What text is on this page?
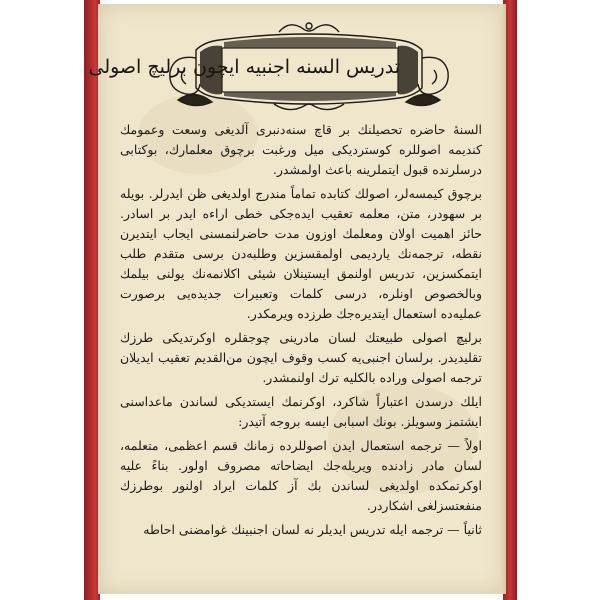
تدريس السنه اجنبيه ايچون برليچ اصولی

السنهٔ حاضره تحصیلنك بر قاچ سنه‌دنبری آلدیغی وسعت وعمومك كندیمه اصوللره كوستردیكی میل ورغبت برچوق معلمارك، بوكتابی درسلرنده قبول ایتملرینه باعث اولمشدر.

برچوق كیمسه‌لر، اصولك كتابده تماماً مندرج اولدیغی ظن ایدرلر. بویله بر سهودر، متن، معلمه تعقیب ایده‌جكی خطی اراءه ایدر بر اسادر. حائز اهمیت اولان ومعلمك اوزون مدت حاضرلنمسنی ایجاب ایتدیرن نقطه، ترجمه‌نك یاردیمی اولمقسزین وطلبه‌دن برسی متقدم طلب ایتمكسزین، تدریس اولنمق ایستینلان شیئی اكلانمه‌نك یولنی بیلمك وبالخصوص اونلره، درسی كلمات وتعبیرات جدیده‌یی برصورت عملیه‌ده استعمال ایتدیره‌جك طرزده ویرمكدر.

برلیچ اصولی طبیعتك لسان مادرینی چوجقلره اوكرتدیكی طرزك تقلیدیدر. برلسان اجنبی‌یه كسب وقوف ایچون من‌القدیم تعقیب ایدیلان ترجمه اصولی وراده بالكلیه ترك اولنمشدر.

ایلك درسدن اعتباراً شاكرد، اوكرنمك ایستدیكی لساندن ماعداسنی ایشتمز وسویلز. بونك اسبابی ایسه بروجه آتیدر:

اولاً — ترجمه استعمال ایدن اصوللرده زمانك قسم اعظمی، متعلمه، لسان مادر زادنده ویریله‌جك ایضاحاته مصروف اولور. بناءً علیه اوكرتمكده اولدیغی لساندن بك آز كلمات ایراد اولنور بوطرزك منفعتسزلغی اشكاردر.

ثانیاً — ترجمه ایله تدریس ایدیلر نه لسان اجنبینك غوامضنی احاطه
